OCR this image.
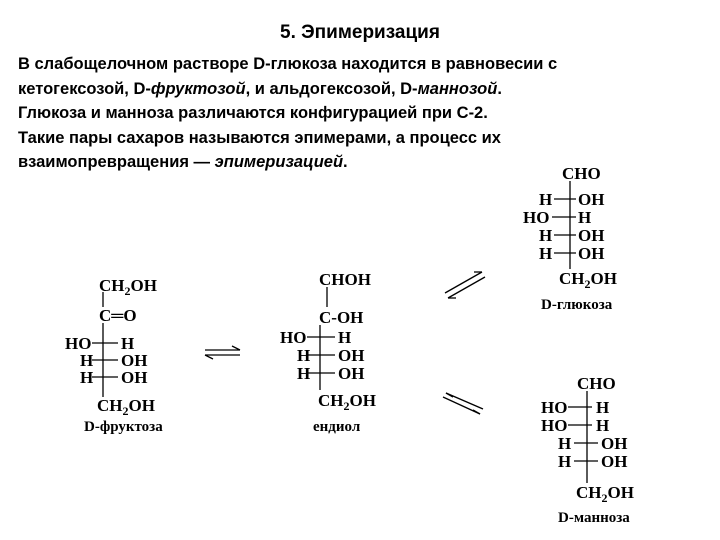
5. Эпимеризация
В слабощелочном растворе D-глюкоза находится в равновесии с
кетогексозой, D-фруктозой, и альдогексозой, D-маннозой.
Глюкоза и манноза различаются конфигурацией при С-2.
Такие пары сахаров называются эпимерами, а процесс их
взаимопревращения — эпимеризацией.
$CH_2OH$
C═O
HO H
H OH
H OH
$CH_2OH$
D-фруктоза
CHOH
C-OH
HO H
H OH
H OH
$CH_2OH$
ендиол
CHO
H OH
HO H
H OH
H OH
$CH_2OH$
D-глюкоза
CHO
HO H
HO H
H OH
H OH
$CH_2OH$
D-манноза
